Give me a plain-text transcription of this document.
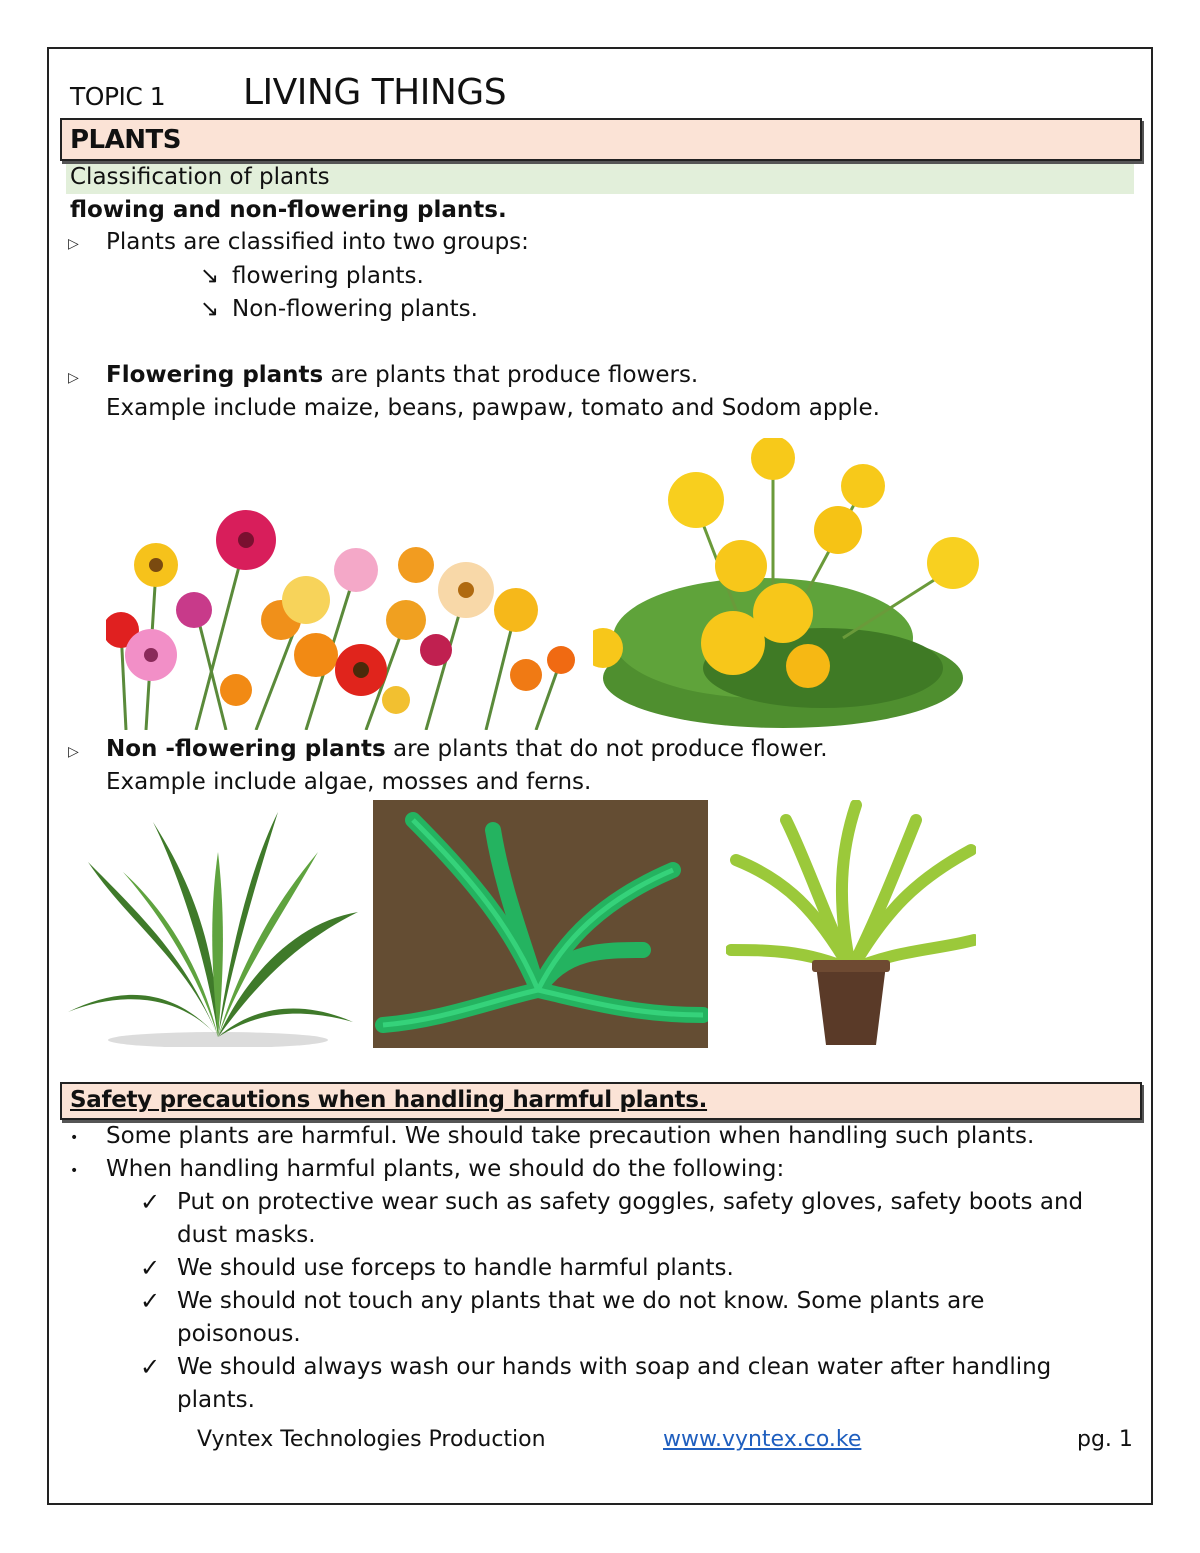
TOPIC 1 LIVING THINGS
PLANTS
Classification of plants
flowing and non-flowering plants.
▷ Plants are classified into two groups:
↘ flowering plants.
↘ Non-flowering plants.
▷ Flowering plants are plants that produce flowers.
Example include maize, beans, pawpaw, tomato and Sodom apple.
▷ Non -flowering plants are plants that do not produce flower.
Example include algae, mosses and ferns.
Safety precautions when handling harmful plants.
• Some plants are harmful. We should take precaution when handling such plants.
• When handling harmful plants, we should do the following:
✓ Put on protective wear such as safety goggles, safety gloves, safety boots and
dust masks.
✓ We should use forceps to handle harmful plants.
✓ We should not touch any plants that we do not know. Some plants are
poisonous.
✓ We should always wash our hands with soap and clean water after handling
plants.
Vyntex Technologies Production	www.vyntex.co.ke	pg. 1
